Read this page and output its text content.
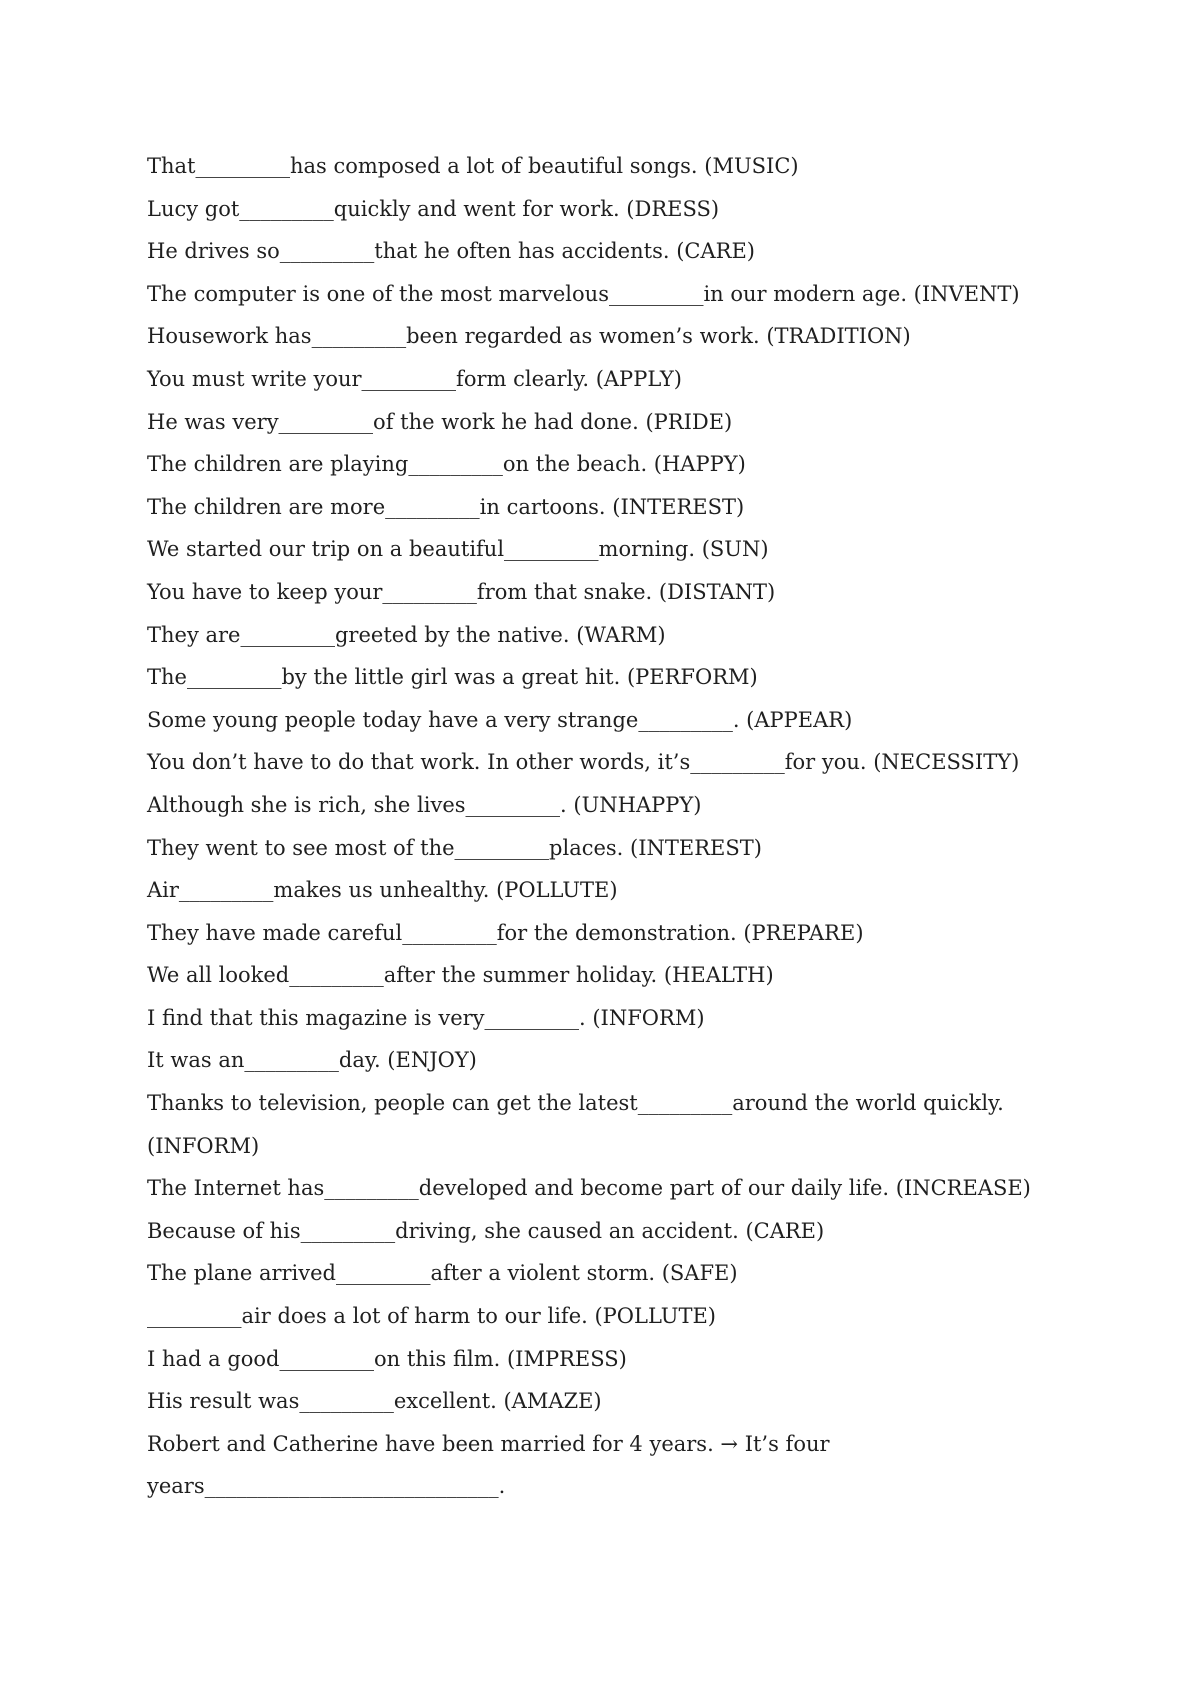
That_________has composed a lot of beautiful songs. (MUSIC)

Lucy got_________quickly and went for work. (DRESS)

He drives so_________that he often has accidents. (CARE)

The computer is one of the most marvelous_________in our modern age. (INVENT)

Housework has_________been regarded as women’s work. (TRADITION)

You must write your_________form clearly. (APPLY)

He was very_________of the work he had done. (PRIDE)

The children are playing_________on the beach. (HAPPY)

The children are more_________in cartoons. (INTEREST)

We started our trip on a beautiful_________morning. (SUN)

You have to keep your_________from that snake. (DISTANT)

They are_________greeted by the native. (WARM)

The_________by the little girl was a great hit. (PERFORM)

Some young people today have a very strange_________. (APPEAR)

You don’t have to do that work. In other words, it’s_________for you. (NECESSITY)

Although she is rich, she lives_________. (UNHAPPY)

They went to see most of the_________places. (INTEREST)

Air_________makes us unhealthy. (POLLUTE)

They have made careful_________for the demonstration. (PREPARE)

We all looked_________after the summer holiday. (HEALTH)

I find that this magazine is very_________. (INFORM)

It was an_________day. (ENJOY)

Thanks to television, people can get the latest_________around the world quickly.

(INFORM)

The Internet has_________developed and become part of our daily life. (INCREASE)

Because of his_________driving, she caused an accident. (CARE)

The plane arrived_________after a violent storm. (SAFE)

_________air does a lot of harm to our life. (POLLUTE)

I had a good_________on this film. (IMPRESS)

His result was_________excellent. (AMAZE)

Robert and Catherine have been married for 4 years. → It’s four

years____________________________.
